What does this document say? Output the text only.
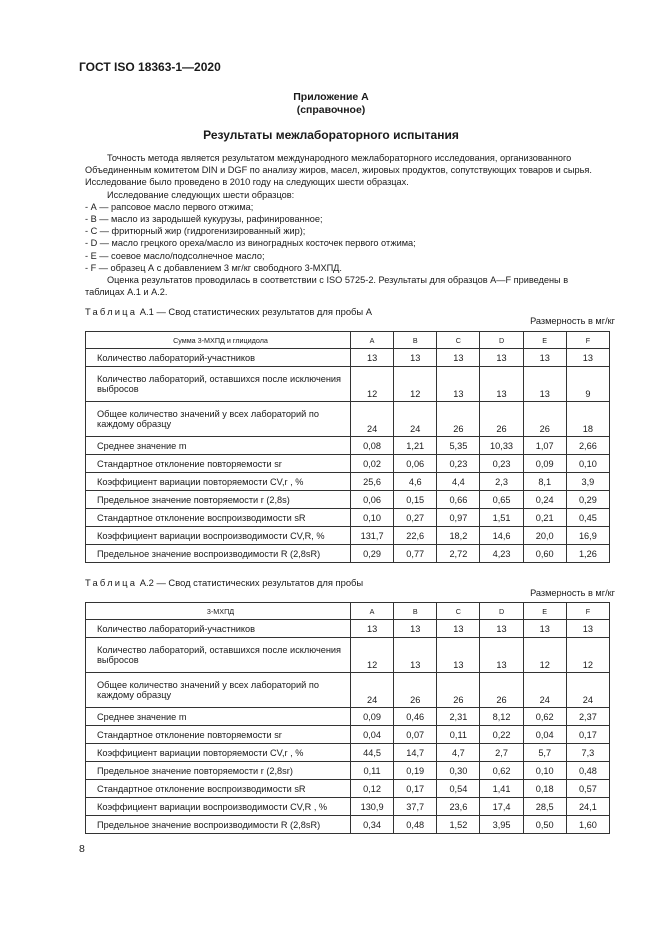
ГОСТ ISO 18363-1—2020
Приложение А
(справочное)
Результаты межлабораторного испытания

Точность метода является результатом международного межлабораторного исследования, организованного Объединенным комитетом DIN и DGF по анализу жиров, масел, жировых продуктов, сопутствующих товаров и сырья. Исследование было проведено в 2010 году на следующих шести образцах.

Исследование следующих шести образцов:

- А — рапсовое масло первого отжима;

- В — масло из зародышей кукурузы, рафинированное;

- С — фритюрный жир (гидрогенизированный жир);

- D — масло грецкого ореха/масло из виноградных косточек первого отжима;

- Е — соевое масло/подсолнечное масло;

- F — образец А с добавлением 3 мг/кг свободного 3-МХПД.

Оценка результатов проводилась в соответствии с ISO 5725-2. Результаты для образцов А—F приведены в таблицах А.1 и А.2.

Таблица А.1 — Свод статистических результатов для пробы А
Размерность в мг/кг
Сумма 3-МХПД и глицидола	A	B	C	D	E	F
Количество лабораторий-участников	13	13	13	13	13	13
Количество лабораторий, оставшихся после исключения выбросов	12	12	13	13	13	9
Общее количество значений у всех лабораторий по каждому образцу	24	24	26	26	26	18
Среднее значение m	0,08	1,21	5,35	10,33	1,07	2,66
Стандартное отклонение повторяемости sr	0,02	0,06	0,23	0,23	0,09	0,10
Коэффициент вариации повторяемости CV,r , %	25,6	4,6	4,4	2,3	8,1	3,9
Предельное значение повторяемости r (2,8s)	0,06	0,15	0,66	0,65	0,24	0,29
Стандартное отклонение воспроизводимости sR	0,10	0,27	0,97	1,51	0,21	0,45
Коэффициент вариации воспроизводимости CV,R, %	131,7	22,6	18,2	14,6	20,0	16,9
Предельное значение воспроизводимости R (2,8sR)	0,29	0,77	2,72	4,23	0,60	1,26
Таблица А.2 — Свод статистических результатов для пробы
Размерность в мг/кг
3-МХПД	A	B	C	D	E	F
Количество лабораторий-участников	13	13	13	13	13	13
Количество лабораторий, оставшихся после исключения выбросов	12	13	13	13	12	12
Общее количество значений у всех лабораторий по каждому образцу	24	26	26	26	24	24
Среднее значение m	0,09	0,46	2,31	8,12	0,62	2,37
Стандартное отклонение повторяемости sr	0,04	0,07	0,11	0,22	0,04	0,17
Коэффициент вариации повторяемости CV,r , %	44,5	14,7	4,7	2,7	5,7	7,3
Предельное значение повторяемости r (2,8sr)	0,11	0,19	0,30	0,62	0,10	0,48
Стандартное отклонение воспроизводимости sR	0,12	0,17	0,54	1,41	0,18	0,57
Коэффициент вариации воспроизводимости CV,R , %	130,9	37,7	23,6	17,4	28,5	24,1
Предельное значение воспроизводимости R (2,8sR)	0,34	0,48	1,52	3,95	0,50	1,60
8
